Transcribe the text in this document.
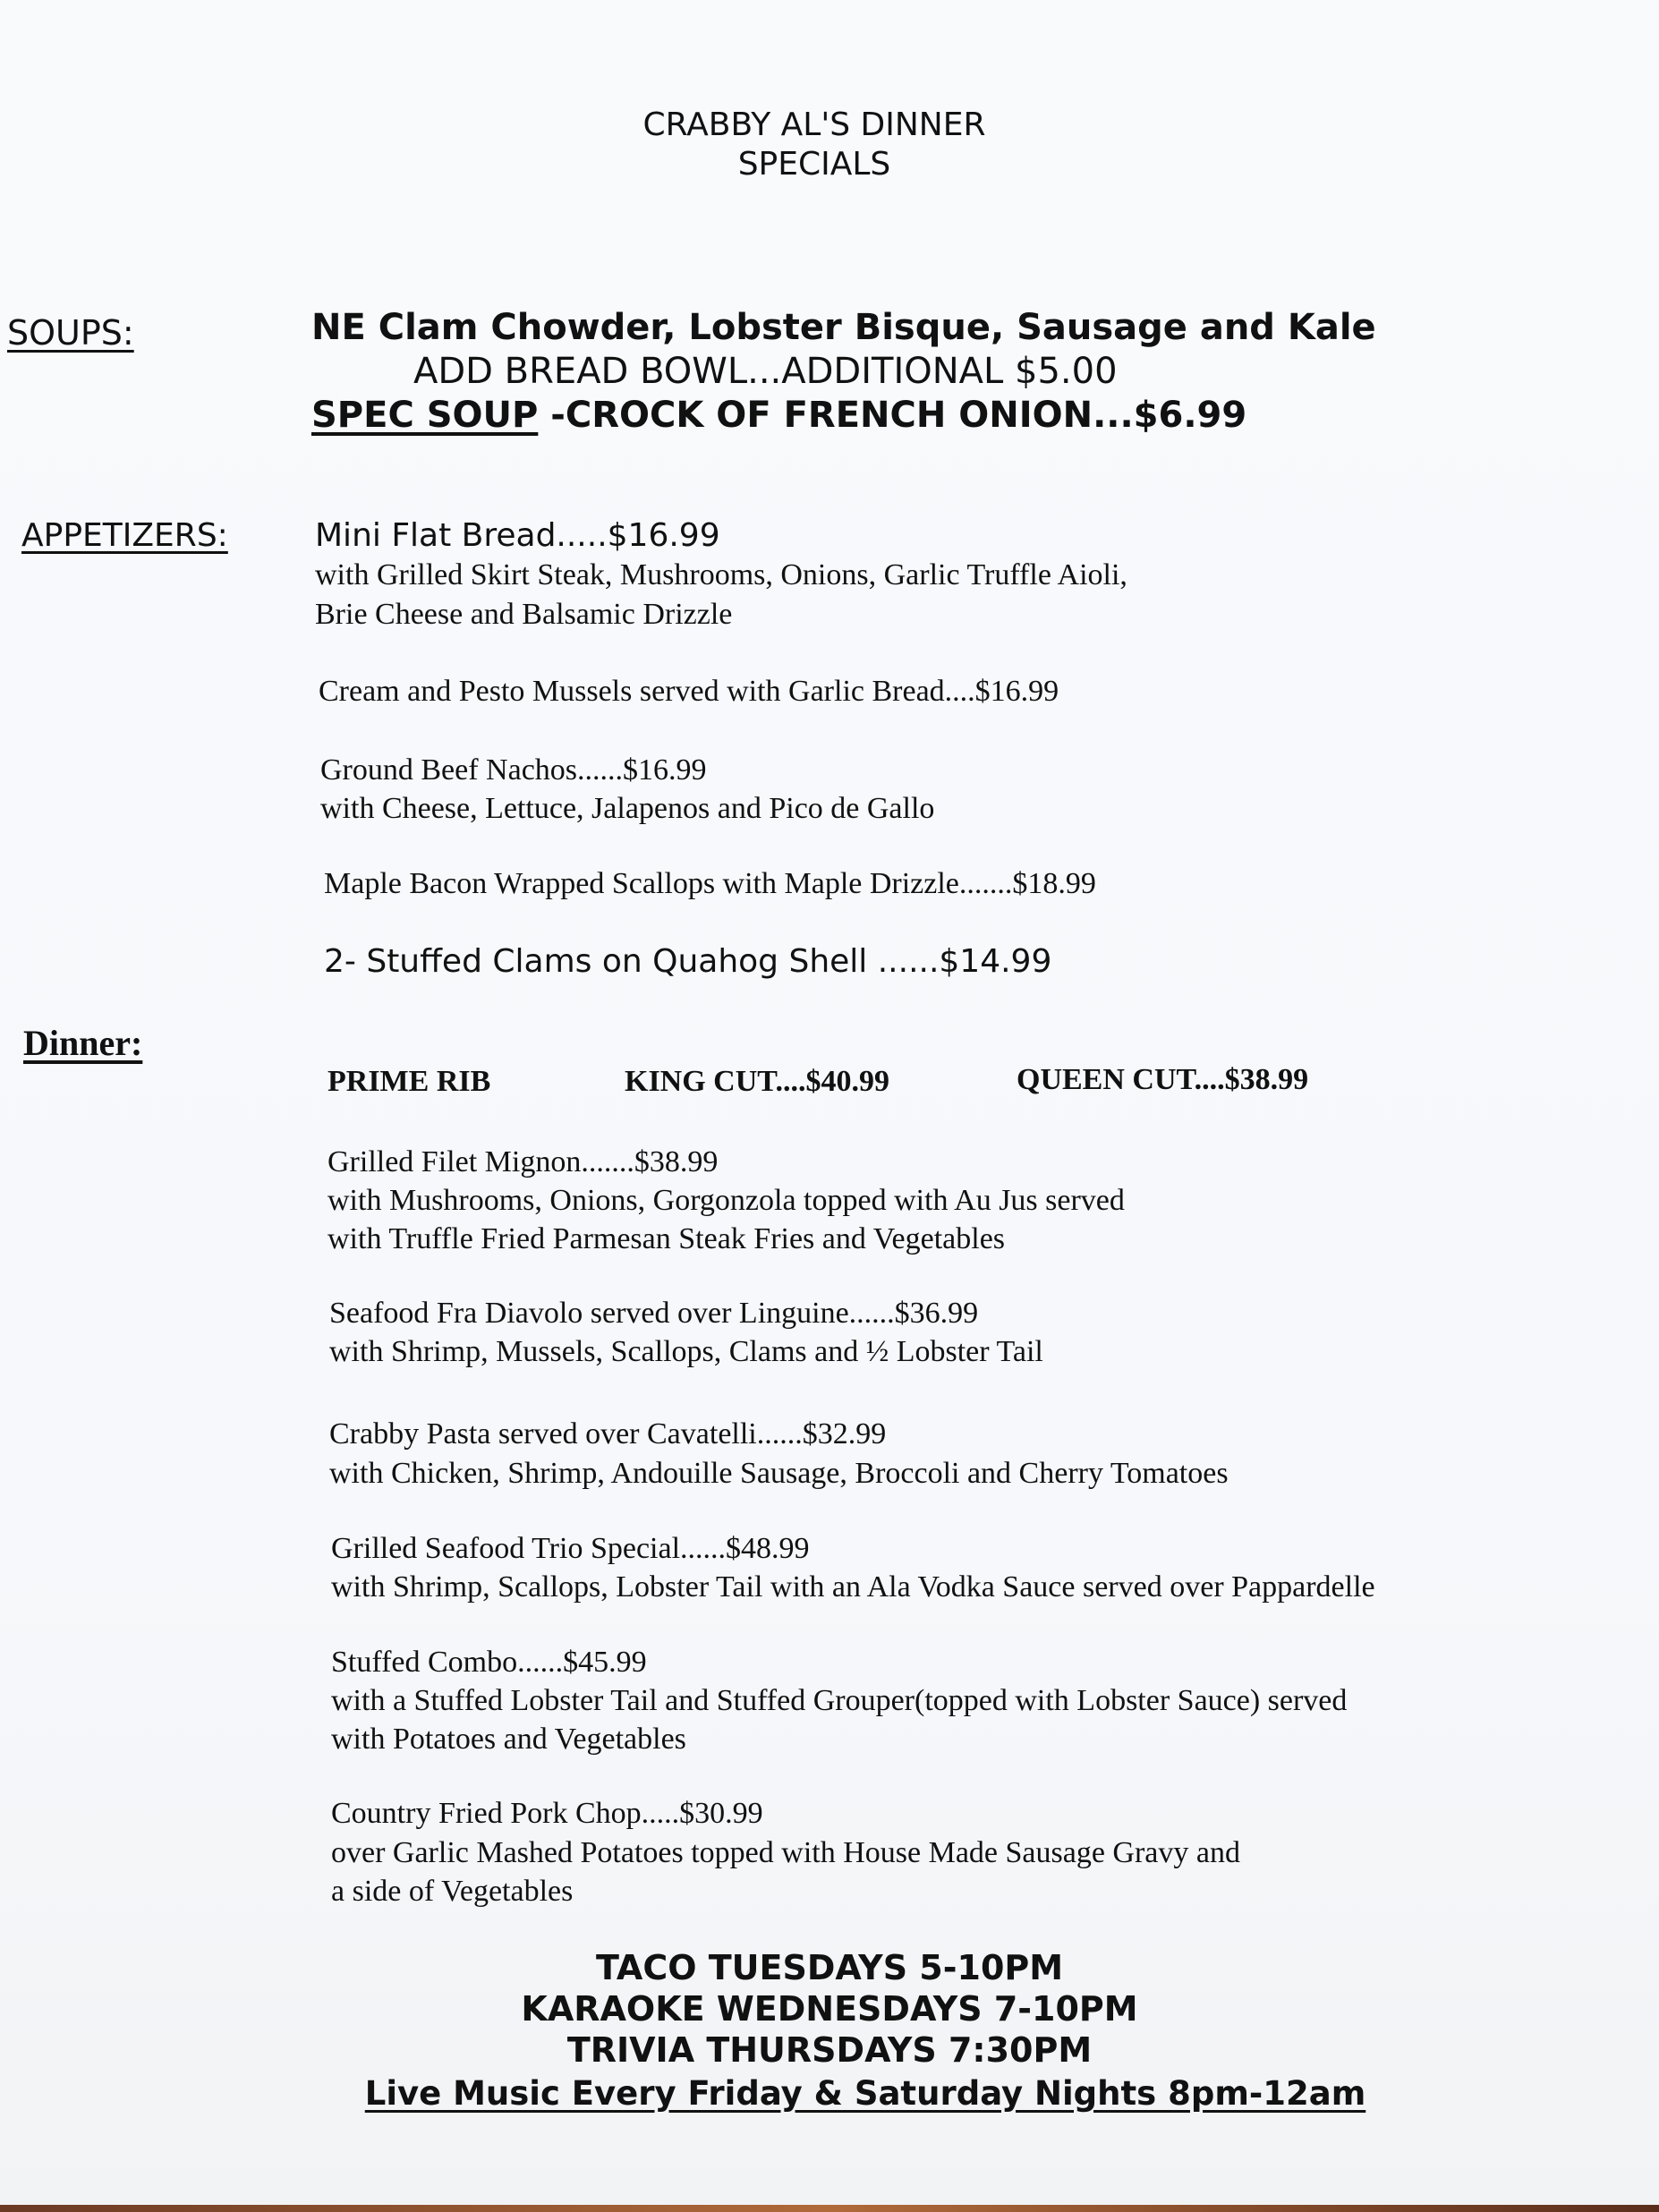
CRABBY AL'S DINNER
SPECIALS
SOUPS:	NE Clam Chowder, Lobster Bisque, Sausage and Kale
ADD BREAD BOWL...ADDITIONAL $5.00
SPEC SOUP -CROCK OF FRENCH ONION...$6.99
APPETIZERS:	Mini Flat Bread.....$16.99
with Grilled Skirt Steak, Mushrooms, Onions, Garlic Truffle Aioli,
Brie Cheese and Balsamic Drizzle
Cream and Pesto Mussels served with Garlic Bread....$16.99
Ground Beef Nachos......$16.99
with Cheese, Lettuce, Jalapenos and Pico de Gallo
Maple Bacon Wrapped Scallops with Maple Drizzle.......$18.99
2- Stuffed Clams on Quahog Shell ......$14.99
Dinner:
PRIME RIB	KING CUT....$40.99	QUEEN CUT....$38.99
Grilled Filet Mignon.......$38.99
with Mushrooms, Onions, Gorgonzola topped with Au Jus served
with Truffle Fried Parmesan Steak Fries and Vegetables
Seafood Fra Diavolo served over Linguine......$36.99
with Shrimp, Mussels, Scallops, Clams and ½ Lobster Tail
Crabby Pasta served over Cavatelli......$32.99
with Chicken, Shrimp, Andouille Sausage, Broccoli and Cherry Tomatoes
Grilled Seafood Trio Special......$48.99
with Shrimp, Scallops, Lobster Tail with an Ala Vodka Sauce served over Pappardelle
Stuffed Combo......$45.99
with a Stuffed Lobster Tail and Stuffed Grouper(topped with Lobster Sauce) served
with Potatoes and Vegetables
Country Fried Pork Chop.....$30.99
over Garlic Mashed Potatoes topped with House Made Sausage Gravy and
a side of Vegetables
TACO TUESDAYS 5-10PM
KARAOKE WEDNESDAYS 7-10PM
TRIVIA THURSDAYS 7:30PM
Live Music Every Friday & Saturday Nights 8pm-12am
